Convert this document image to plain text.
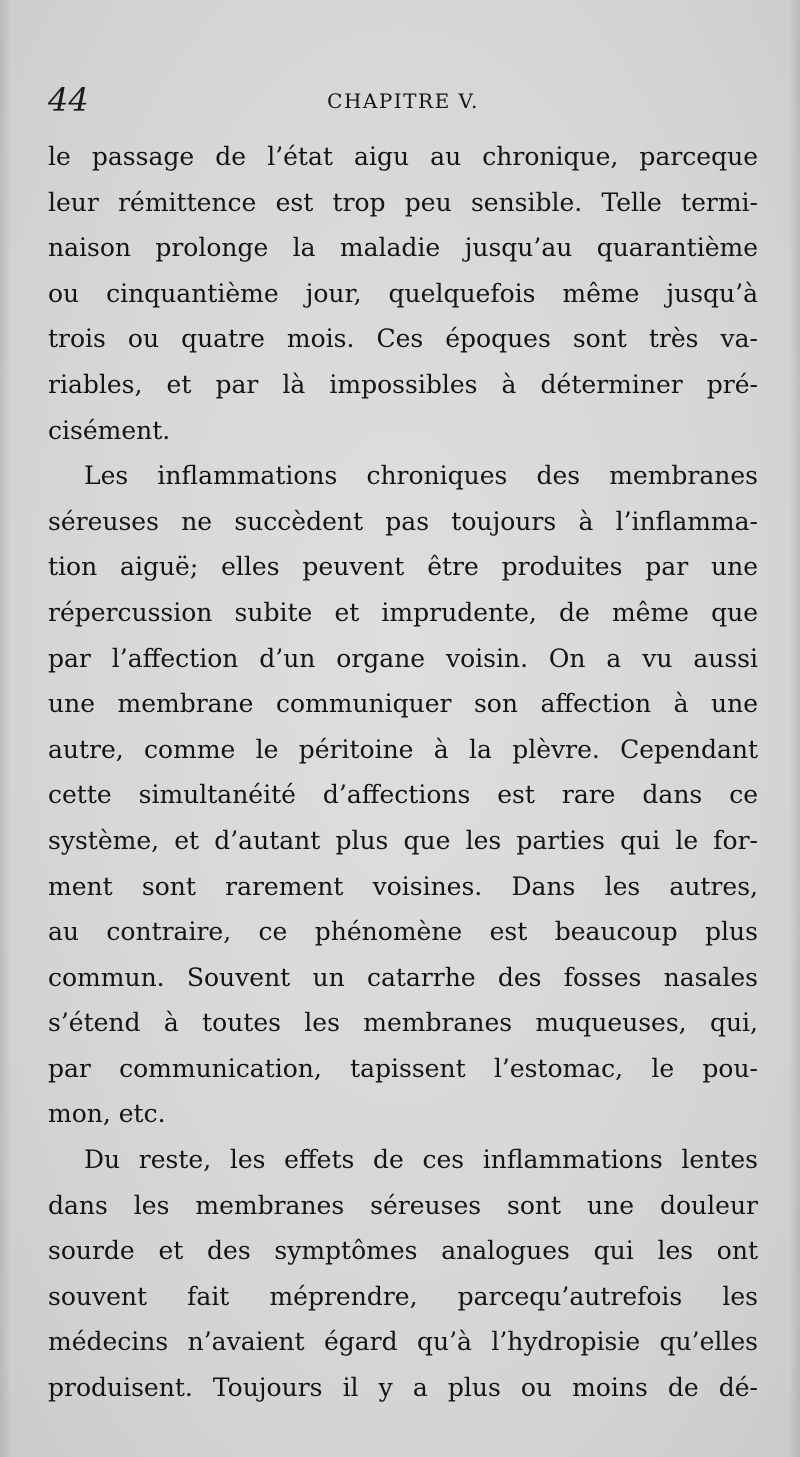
44	CHAPITRE V.
le passage de l’état aigu au chronique, parceque
leur rémittence est trop peu sensible. Telle termi-
naison prolonge la maladie jusqu’au quarantième
ou cinquantième jour, quelquefois même jusqu’à
trois ou quatre mois. Ces époques sont très va-
riables, et par là impossibles à déterminer pré-
cisément.
Les inflammations chroniques des membranes
séreuses ne succèdent pas toujours à l’inflamma-
tion aiguë; elles peuvent être produites par une
répercussion subite et imprudente, de même que
par l’affection d’un organe voisin. On a vu aussi
une membrane communiquer son affection à une
autre, comme le péritoine à la plèvre. Cependant
cette simultanéité d’affections est rare dans ce
système, et d’autant plus que les parties qui le for-
ment sont rarement voisines. Dans les autres,
au contraire, ce phénomène est beaucoup plus
commun. Souvent un catarrhe des fosses nasales
s’étend à toutes les membranes muqueuses, qui,
par communication, tapissent l’estomac, le pou-
mon, etc.
Du reste, les effets de ces inflammations lentes
dans les membranes séreuses sont une douleur
sourde et des symptômes analogues qui les ont
souvent fait méprendre, parcequ’autrefois les
médecins n’avaient égard qu’à l’hydropisie qu’elles
produisent. Toujours il y a plus ou moins de dé-
